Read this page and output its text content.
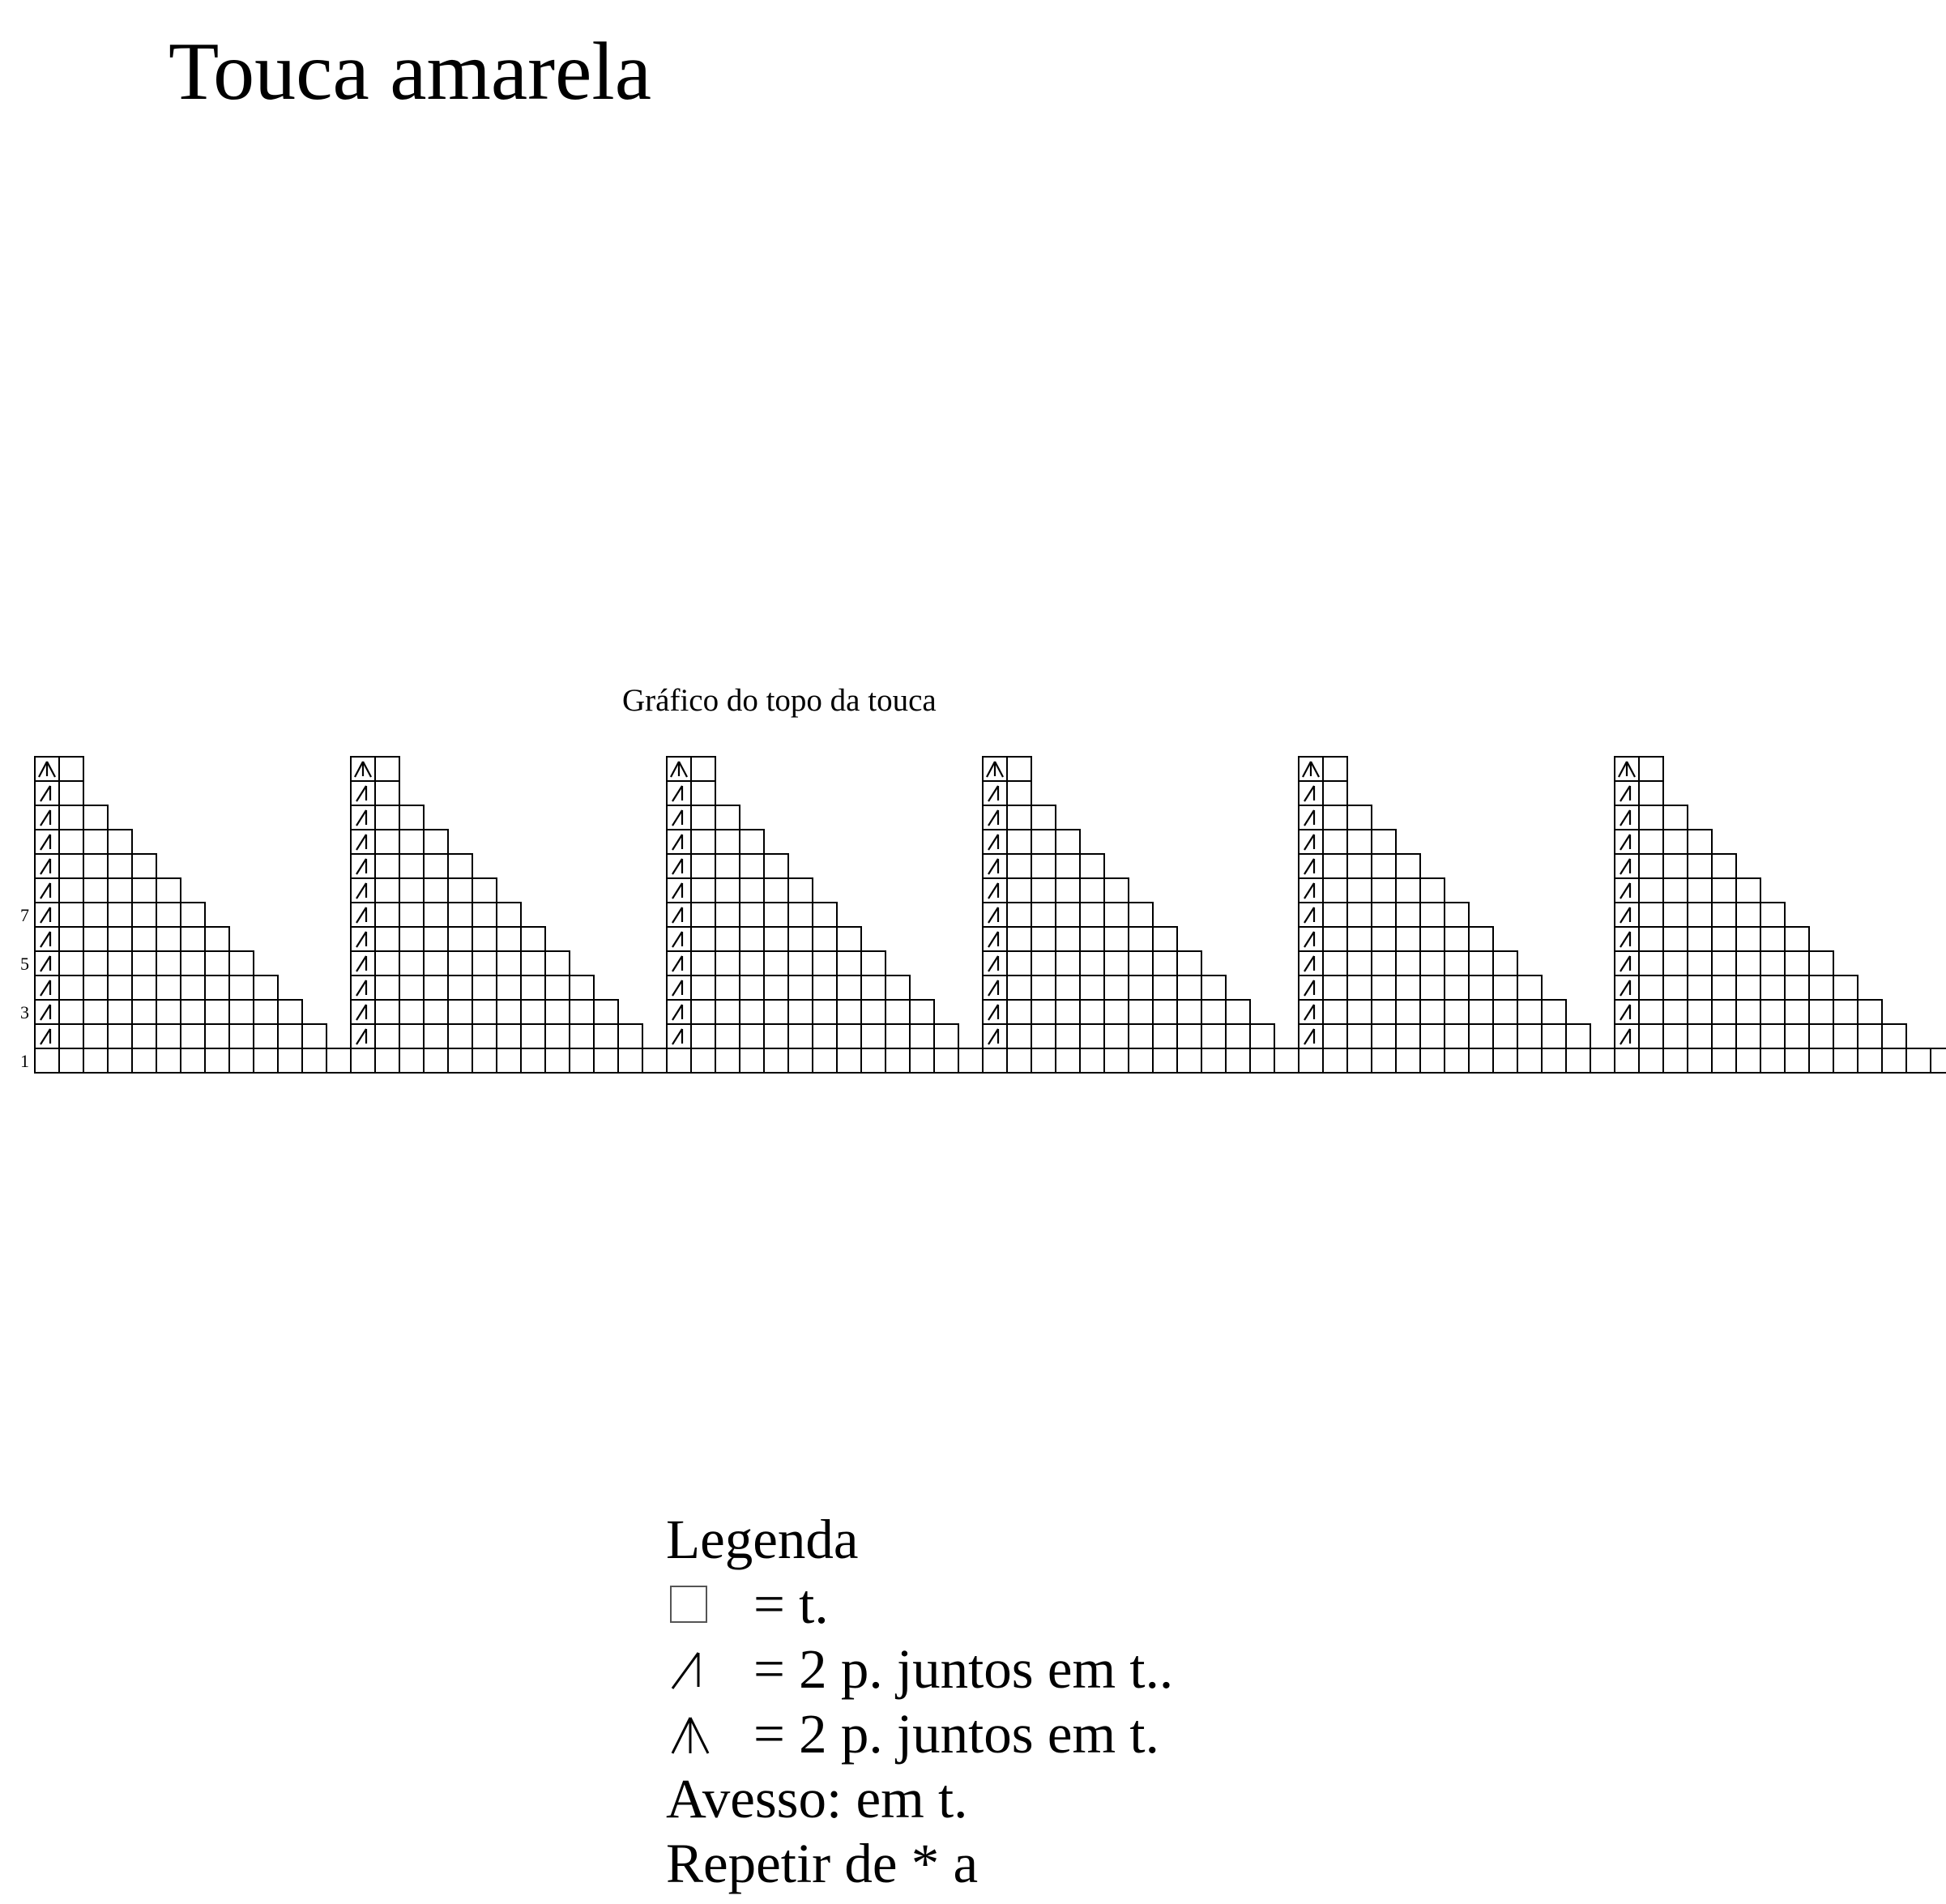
Touca amarela
Gráfico do topo da touca
7
5
3
1
Legenda
= t.
= 2 p. juntos em t..
= 2 p. juntos em t.
Avesso: em t.
Repetir de * a
